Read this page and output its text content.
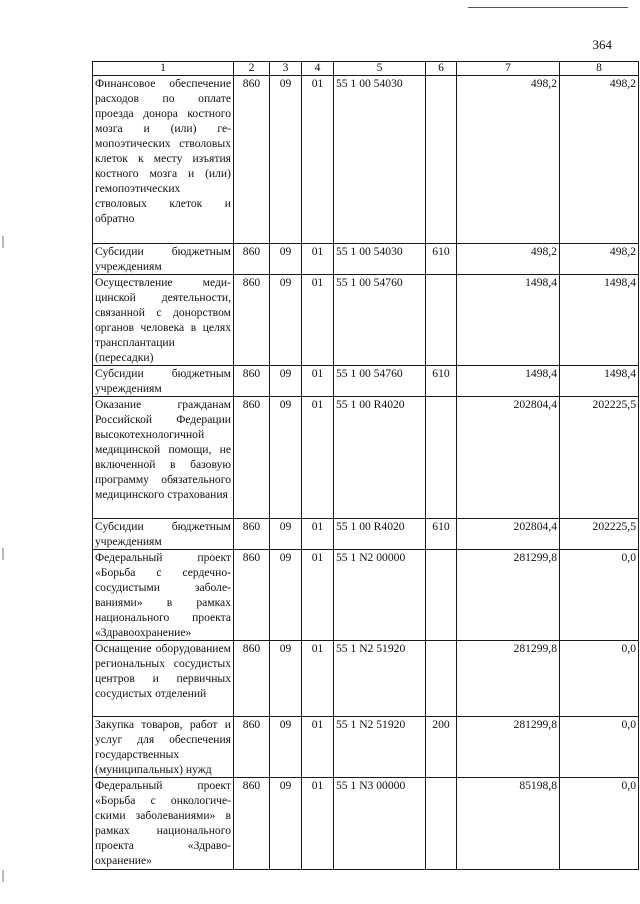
364
1	2	3	4	5	6	7	8
Финансовое обеспечение расходов по оплате проезда донора костного мозга и (или) гемопоэтических стволовых клеток к месту изъятия костного мозга и (или) гемопоэтических стволовых клеток и обратно	860	09	01	55 1 00 54030		498,2	498,2
Субсидии бюджетным учреждениям	860	09	01	55 1 00 54030	610	498,2	498,2
Осуществление медицинской деятельности, связанной с донорством органов человека в целях трансплантации (пересадки)	860	09	01	55 1 00 54760		1498,4	1498,4
Субсидии бюджетным учреждениям	860	09	01	55 1 00 54760	610	1498,4	1498,4
Оказание гражданам Российской Федерации высокотехнологичной медицинской помощи, не включенной в базовую программу обязательного медицинского страхования	860	09	01	55 1 00 R4020		202804,4	202225,5
Субсидии бюджетным учреждениям	860	09	01	55 1 00 R4020	610	202804,4	202225,5
Федеральный проект «Борьба с сердечнососудистыми заболеваниями» в рамках национального проекта «Здравоохранение»	860	09	01	55 1 N2 00000		281299,8	0,0
Оснащение оборудованием региональных сосудистых центров и первичных сосудистых отделений	860	09	01	55 1 N2 51920		281299,8	0,0
Закупка товаров, работ и услуг для обеспечения государственных (муниципальных) нужд	860	09	01	55 1 N2 51920	200	281299,8	0,0
Федеральный проект «Борьба с онкологическими заболеваниями» в рамках национального проекта «Здравоохранение»	860	09	01	55 1 N3 00000		85198,8	0,0
